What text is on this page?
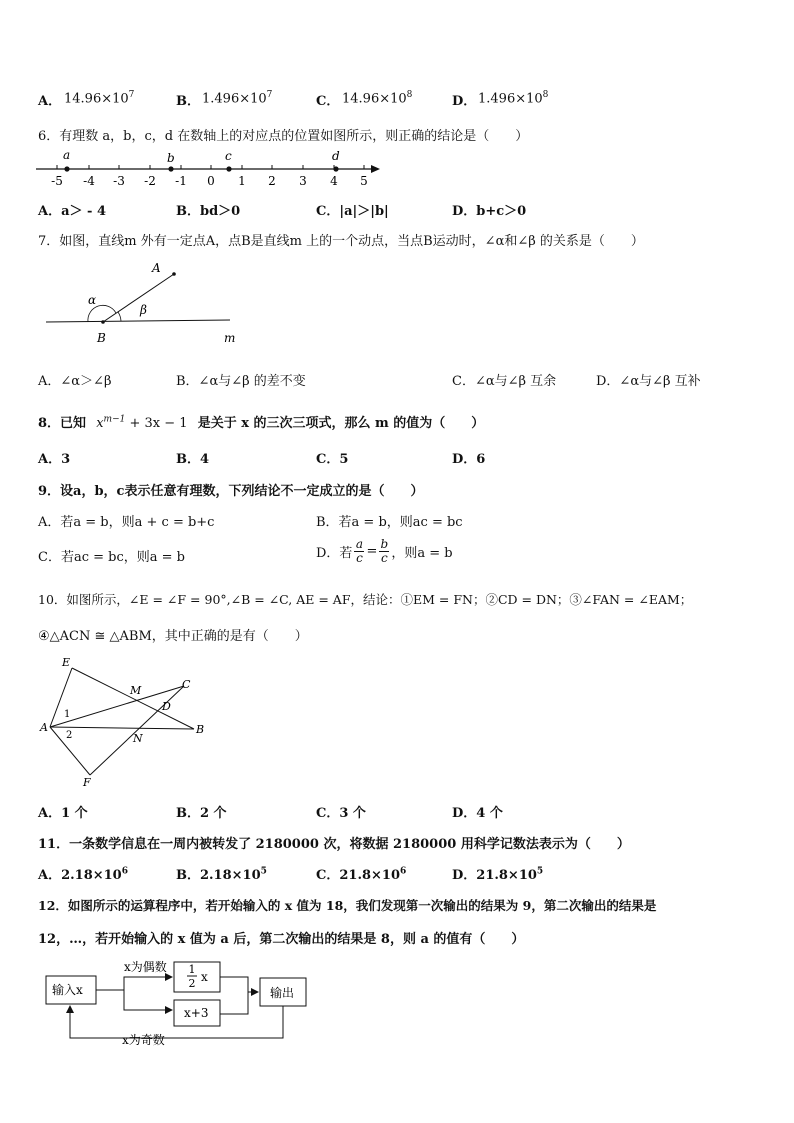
A． $14.96\times 10^7$	B． $1.496\times 10^7$	C． $14.96\times 10^8$	D． $1.496\times 10^8$
6．有理数 a，b，c，d 在数轴上的对应点的位置如图所示，则正确的结论是（　　）
a	b	c	d
-5 -4 -3 -2 -1 0 1 2 3 4 5
A．a＞ - 4	B．bd＞0	C．|a|＞|b|	D．b+c＞0
7．如图，直线m 外有一定点A，点B是直线m 上的一个动点，当点B运动时，∠α和∠β 的关系是（　　）
A
α
β
B	m
A．∠α＞∠β	B．∠α与∠β 的差不变	C．∠α与∠β 互余	D．∠α与∠β 互补
8．已知 $x^{m-1} + 3x - 1$ 是关于 x 的三次三项式，那么 m 的值为（　　）
A．3	B．4	C．5	D．6
9．设a，b，c表示任意有理数，下列结论不一定成立的是（　　）
A．若a = b，则a + c = b+c	B．若a = b，则ac = bc
C．若ac = bc，则a = b	D．若
a
c = b
c ，则a = b
10．如图所示，∠E = ∠F = 90°,∠B = ∠C, AE = AF，结论：①EM = FN；②CD = DN；③∠FAN = ∠EAM；
④△ACN ≅ △ABM，其中正确的是有（　　）
E
M	C
D
A
1
2	N
B
F
A．1 个	B．2 个	C．3 个	D．4 个
11．一条数学信息在一周内被转发了 2180000 次，将数据 2180000 用科学记数法表示为（　　）
A．$2.18\times 10^6$	B．$2.18\times 10^5$	C．$21.8\times 10^6$	D．$21.8\times 10^5$
12．如图所示的运算程序中，若开始输入的 x 值为 18，我们发现第一次输出的结果为 9，第二次输出的结果是
12，…，若开始输入的 x 值为 a 后，第二次输出的结果是 8，则 a 的值有（　　）
输入x
x为偶数
x为奇数
1
2 x
x+3
输出
